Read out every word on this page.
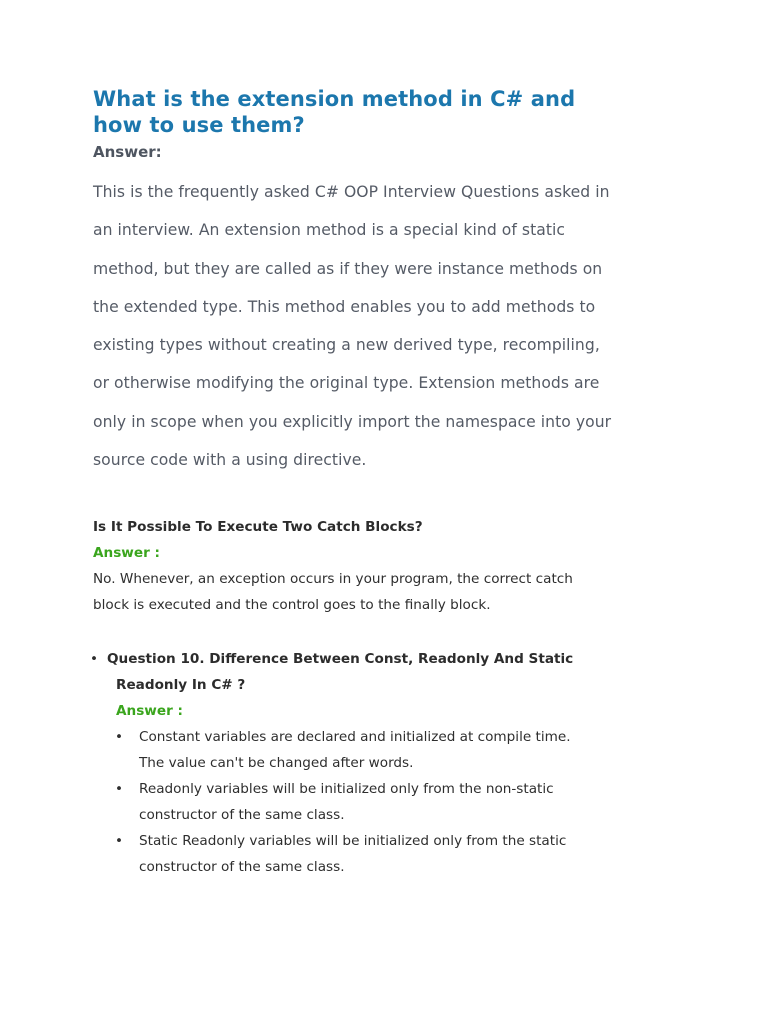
What is the extension method in C# and
how to use them?
Answer:
This is the frequently asked C# OOP Interview Questions asked in
an interview. An extension method is a special kind of static
method, but they are called as if they were instance methods on
the extended type. This method enables you to add methods to
existing types without creating a new derived type, recompiling,
or otherwise modifying the original type. Extension methods are
only in scope when you explicitly import the namespace into your
source code with a using directive.
Is It Possible To Execute Two Catch Blocks?
Answer :
No. Whenever, an exception occurs in your program, the correct catch
block is executed and the control goes to the finally block.
• Question 10. Difference Between Const, Readonly And Static
Readonly In C# ?
Answer :
• Constant variables are declared and initialized at compile time.
The value can't be changed after words.
• Readonly variables will be initialized only from the non-static
constructor of the same class.
• Static Readonly variables will be initialized only from the static
constructor of the same class.
